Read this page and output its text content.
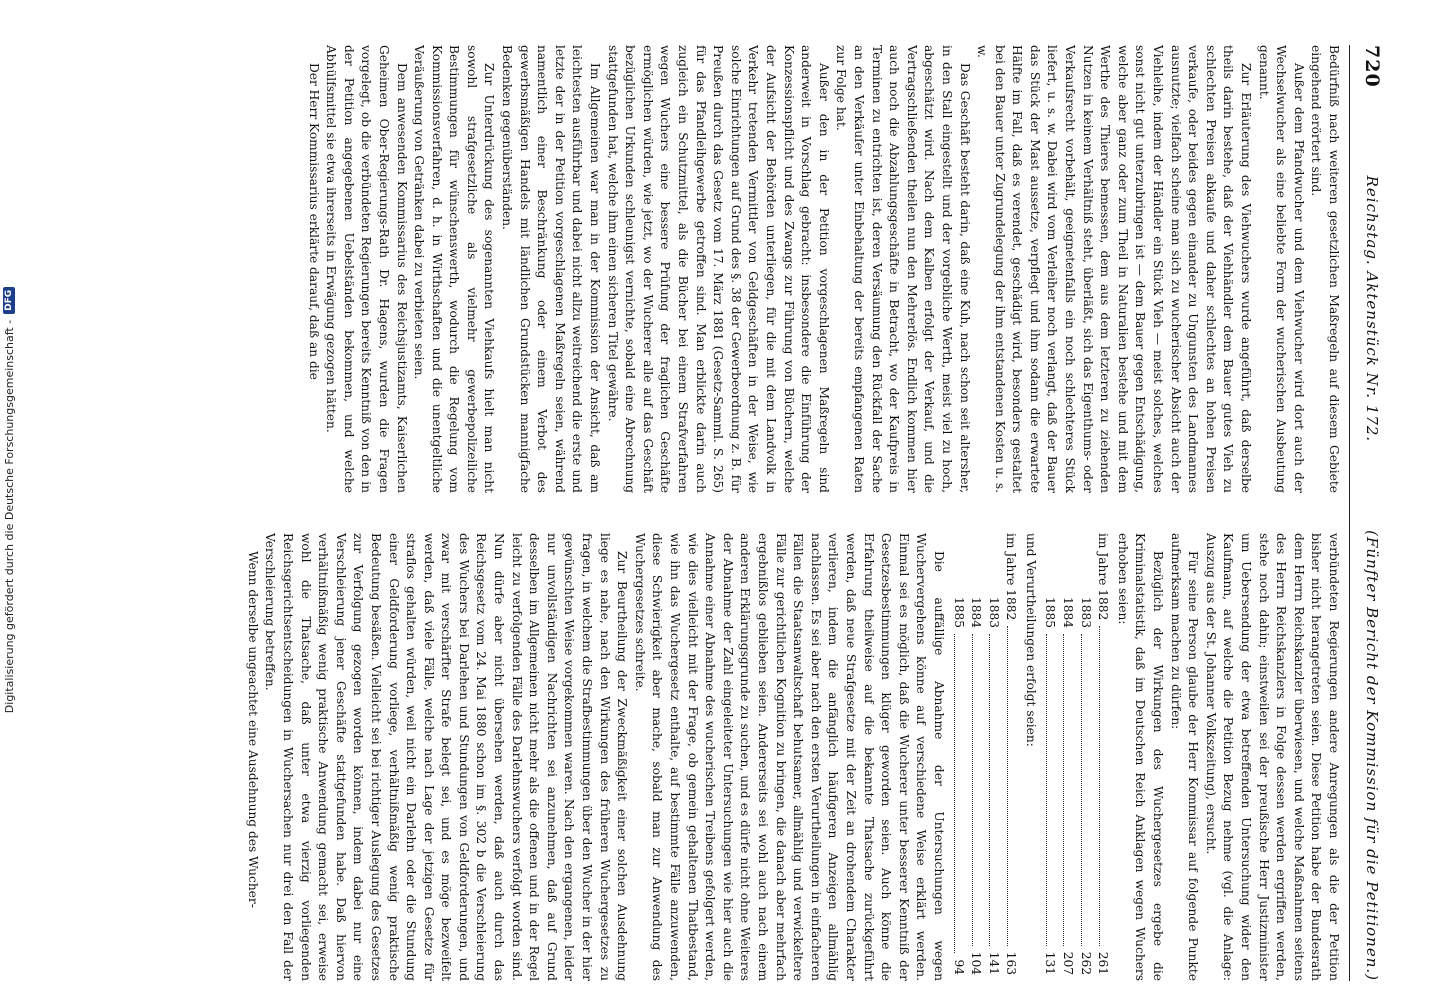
720
Reichstag. Aktenstück Nr. 172.
(Fünfter Bericht der Kommission für die Petitionen.)

Bedürfniß nach weiteren gesetzlichen Maßregeln auf diesem Gebiete eingehend erörtert sind.

Außer dem Pfandwucher und dem Viehwucher wird dort auch der Wechselwucher als eine beliebte Form der wucherischen Ausbeutung genannt.

Zur Erläuterung des Viehwuchers wurde angeführt, daß derselbe theils darin bestehe, daß der Viehhändler dem Bauer gutes Vieh zu schlechten Preisen abkaufe und daher schlechtes an hohen Preisen verkaufe, oder beides gegen einander zu Ungunsten des Landmannes ausnutzte; vielfach scheine man sich zu wucherischer Absicht auch der Viehleihe, indem der Händler ein Stück Vieh — meist solches, welches sonst nicht gut unterzubringen ist — dem Bauer gegen Entschädigung, welche aber ganz oder zum Theil in Naturalien bestehe und mit dem Werthe des Thieres bemessen, dem aus dem letzteren zu ziehenden Nutzen in keinem Verhältniß steht, überläßt, sich das Eigenthums- oder Verkaufsrecht vorbehält, geeignetenfalls ein noch schlechteres Stück liefert, u. s. w. Dabei wird vom Verleiher noch verlangt, daß der Bauer das Stück der Mast aussetze, verpflegt und ihm sodann die erwartete Hälfte im Fall, daß es verendet, geschädigt wird, besonders gestaltet bei den Bauer unter Zugrundelegung der ihm entstandenen Kosten u. s. w.

Das Geschäft besteht darin, daß eine Kuh, nach schon seit altersher, in den Stall eingestellt und der vorgebliche Werth, meist viel zu hoch, abgeschätzt wird. Nach dem Kalben erfolgt der Verkauf, und die Vertragschließenden theilen nun den Mehrerlös. Endlich kommen hier auch noch die Abzahlungsgeschäfte in Betracht, wo der Kaufpreis in Terminen zu entrichten ist, deren Versäumung den Rückfall der Sache an den Verkäufer unter Einbehaltung der bereits empfangenen Raten zur Folge hat.

Außer den in der Petition vorgeschlagenen Maßregeln sind anderweit in Vorschlag gebracht: insbesondere die Einführung der Konzessionspflicht und des Zwangs zur Führung von Büchern, welche der Aufsicht der Behörden unterliegen, für die mit dem Landvolk in Verkehr tretenden Vermittler von Geldgeschäften in der Weise, wie solche Einrichtungen auf Grund des §. 38 der Gewerbeordnung z. B. für Preußen durch das Gesetz vom 17. März 1881 (Gesetz-Samml. S. 265) für das Pfandleihgewerbe getroffen sind. Man erblickte darin auch zugleich ein Schutzmittel, als die Bücher bei einem Strafverfahren wegen Wuchers eine bessere Prüfung der fraglichen Geschäfte ermöglichen würden, wie jetzt, wo der Wucherer alle auf das Geschäft bezüglichen Urkunden schleunigst vernichte, sobald eine Abrechnung stattgefunden hat, welche ihm einen sicheren Titel gewähre.

Im Allgemeinen war man in der Kommission der Ansicht, daß am leichtesten ausführbar und dabei nicht allzu weitreichend die erste und letzte der in der Petition vorgeschlagenen Maßregeln seien, während namentlich einer Beschränkung oder einem Verbot des gewerbsmäßigen Handels mit ländlichen Grundstücken mannigfache Bedenken gegenüberständen.

Zur Unterdrückung des sogenannten Viehkaufs hielt man nicht sowohl strafgesetzliche als vielmehr gewerbepolizeiliche Bestimmungen für wünschenswerth, wodurch die Regelung vom Kommissionsverfahren, d. h. in Wirthschaften und die unentgeltliche Veräußerung von Getränken dabei zu verbieten seien.

Dem anwesenden Kommissarius des Reichsjustizamts, Kaiserlichen Geheimen Ober-Regierungs-Rath Dr. Hagens, wurden die Fragen vorgelegt, ob die verbündeten Regierungen bereits Kenntniß von den in der Petition angegebenen Uebelständen bekommen, und welche Abhülfsmittel sie etwa ihrerseits in Erwägung gezogen hätten.

Der Herr Kommissarius erklärte darauf, daß an die

verbündeten Regierungen andere Anregungen als die der Petition bisher nicht herangetreten seien. Diese Petition habe der Bundesrath dem Herrn Reichskanzler überwiesen, und welche Maßnahmen seitens des Herrn Reichskanzlers in Folge dessen werden ergriffen werden, stehe noch dahin; einstweilen sei der preußische Herr Justizminister um Uebersendung der etwa betreffenden Untersuchung wider den Kaufmann, auf welche die Petition Bezug nehme (vgl. die Anlage: Auszug aus der St. Johanner Volkszeitung), ersucht.

Für seine Person glaube der Herr Kommissar auf folgende Punkte aufmerksam machen zu dürfen:

Bezüglich der Wirkungen des Wuchergesetzes ergebe die Kriminalstatistik, daß im Deutschen Reich Anklagen wegen Wuchers erhoben seien:

im Jahre 1882
261
1883
262
1884
207
1885
131

und Verurtheilungen erfolgt seien:

im Jahre 1882
163
1883
141
1884
104
1885
94

Die auffällige Abnahme der Untersuchungen wegen Wuchervergehens könne auf verschiedene Weise erklärt werden. Einmal sei es möglich, daß die Wucherer unter besserer Kenntniß der Gesetzesbestimmungen klüger geworden seien. Auch könne die Erfahrung theilweise auf die bekannte Thatsache zurückgeführt werden, daß neue Strafgesetze mit der Zeit an drohendem Charakter verlieren, indem die anfänglich häufigeren Anzeigen allmählig nachlassen. Es sei aber nach den ersten Verurtheilungen in einfacheren Fällen die Staatsanwaltschaft behutsamer, allmählig und verwickeltere Fälle zur gerichtlichen Kognition zu bringen, die danach aber mehrfach ergebnißlos geblieben seien. Andererseits sei wohl auch nach einem anderen Erklärungsgrunde zu suchen, und es dürfe nicht ohne Weiteres der Abnahme der Zahl eingeleiteter Untersuchungen wie hier auch die Annahme einer Abnahme des wucherischen Treibens gefolgert werden, wie dies vielleicht mit der Frage, ob gemein gehaltenen Thatbestand, wie ihn das Wuchergesetz enthalte, auf bestimmte Fälle anzuwenden, diese Schwierigkeit aber mache, sobald man zur Anwendung des Wuchergesetzes schreite.

Zur Beurtheilung der Zweckmäßigkeit einer solchen Ausdehnung liege es nahe, nach den Wirkungen des früheren Wuchergesetzes zu fragen, in welchem die Strafbestimmungen über den Wucher in der hier gewünschten Weise vorgekommen waren. Nach den ergangenen, leider nur unvollständigen Nachrichten sei anzunehmen, daß auf Grund desselben im Allgemeinen nicht mehr als die offenen und in der Regel leicht zu verfolgenden Fälle des Darlehnswuchers verfolgt worden sind. Nun dürfe aber nicht übersehen werden, daß auch durch das Reichsgesetz vom 24. Mai 1880 schon im §. 302 b die Verschleierung des Wuchers bei Darlehen und Stundungen von Geldforderungen, und zwar mit verschärfter Strafe belegt sei, und es möge bezweifelt werden, daß viele Fälle, welche nach Lage der jetzigen Gesetze für straflos gehalten würden, weil nicht ein Darlehn oder die Stundung einer Geldforderung vorliege, verhältnißmäßig wenig praktische Bedeutung besäßen. Vielleicht sei bei richtiger Auslegung des Gesetzes zur Verfolgung gezogen worden können, indem dabei nur eine Verschleierung jener Geschäfte stattgefunden habe. Daß hiervon verhältnißmäßig wenig praktische Anwendung gemacht sei, erweise wohl die Thatsache, daß unter etwa vierzig vorliegenden Reichsgerichtsentscheidungen in Wuchersachen nur drei den Fall der Verschleierung betreffen.

Wenn derselbe ungeachtet eine Ausdehnung des Wucher-

Digitalisierung gefördert durch die Deutsche Forschungsgemeinschaft -
DFG
